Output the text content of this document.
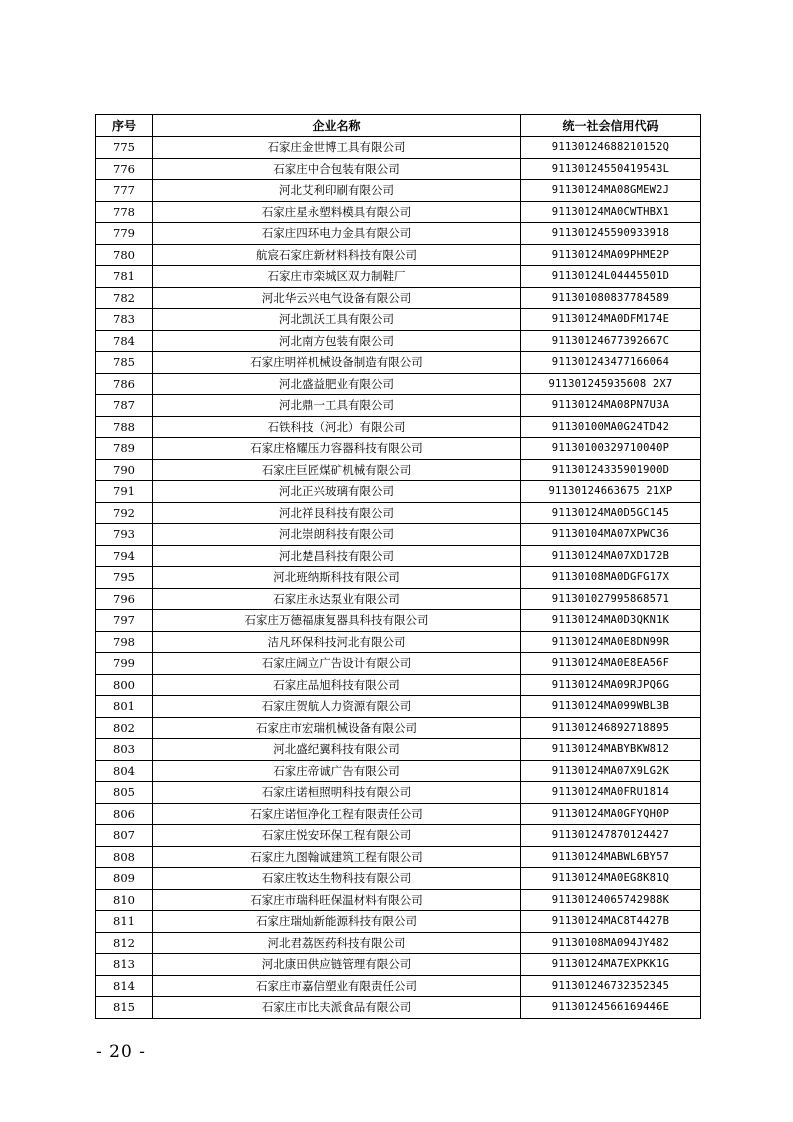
序号	企业名称	统一社会信用代码
775	石家庄金世博工具有限公司	91130124688210152Q
776	石家庄中合包装有限公司	91130124550419543L
777	河北艾利印刷有限公司	91130124MA08GMEW2J
778	石家庄星永塑料模具有限公司	91130124MA0CWTHBX1
779	石家庄四环电力金具有限公司	911301245590933918
780	航宸石家庄新材料科技有限公司	91130124MA09PHME2P
781	石家庄市栾城区双力制鞋厂	91130124L04445501D
782	河北华云兴电气设备有限公司	911301080837784589
783	河北凯沃工具有限公司	91130124MA0DFM174E
784	河北南方包装有限公司	91130124677392667C
785	石家庄明祥机械设备制造有限公司	911301243477166064
786	河北盛益肥业有限公司	911301245935608 2X7
787	河北鼎一工具有限公司	91130124MA08PN7U3A
788	石铁科技（河北）有限公司	91130100MA0G24TD42
789	石家庄格耀压力容器科技有限公司	91130100329710040P
790	石家庄巨匠煤矿机械有限公司	91130124335901900D
791	河北正兴玻璃有限公司	91130124663675 21XP
792	河北祥艮科技有限公司	91130124MA0D5GC145
793	河北崇朗科技有限公司	91130104MA07XPWC36
794	河北楚昌科技有限公司	91130124MA07XD172B
795	河北班纳斯科技有限公司	91130108MA0DGFG17X
796	石家庄永达泵业有限公司	911301027995868571
797	石家庄万德福康复器具科技有限公司	91130124MA0D3QKN1K
798	洁凡环保科技河北有限公司	91130124MA0E8DN99R
799	石家庄阔立广告设计有限公司	91130124MA0E8EA56F
800	石家庄品旭科技有限公司	91130124MA09RJPQ6G
801	石家庄贺航人力资源有限公司	91130124MA099WBL3B
802	石家庄市宏瑞机械设备有限公司	911301246892718895
803	河北盛纪翼科技有限公司	91130124MABYBKW812
804	石家庄帝诚广告有限公司	91130124MA07X9LG2K
805	石家庄诺桓照明科技有限公司	91130124MA0FRU1814
806	石家庄诺恒净化工程有限责任公司	91130124MA0GFYQH0P
807	石家庄悦安环保工程有限公司	911301247870124427
808	石家庄九图翰诚建筑工程有限公司	91130124MABWL6BY57
809	石家庄牧达生物科技有限公司	91130124MA0EG8K81Q
810	石家庄市瑞科旺保温材料有限公司	91130124065742988K
811	石家庄瑞灿新能源科技有限公司	91130124MAC8T4427B
812	河北君荔医药科技有限公司	91130108MA094JY482
813	河北康田供应链管理有限公司	91130124MA7EXPKK1G
814	石家庄市嘉信塑业有限责任公司	911301246732352345
815	石家庄市比夫派食品有限公司	91130124566169446E
- 20 -
